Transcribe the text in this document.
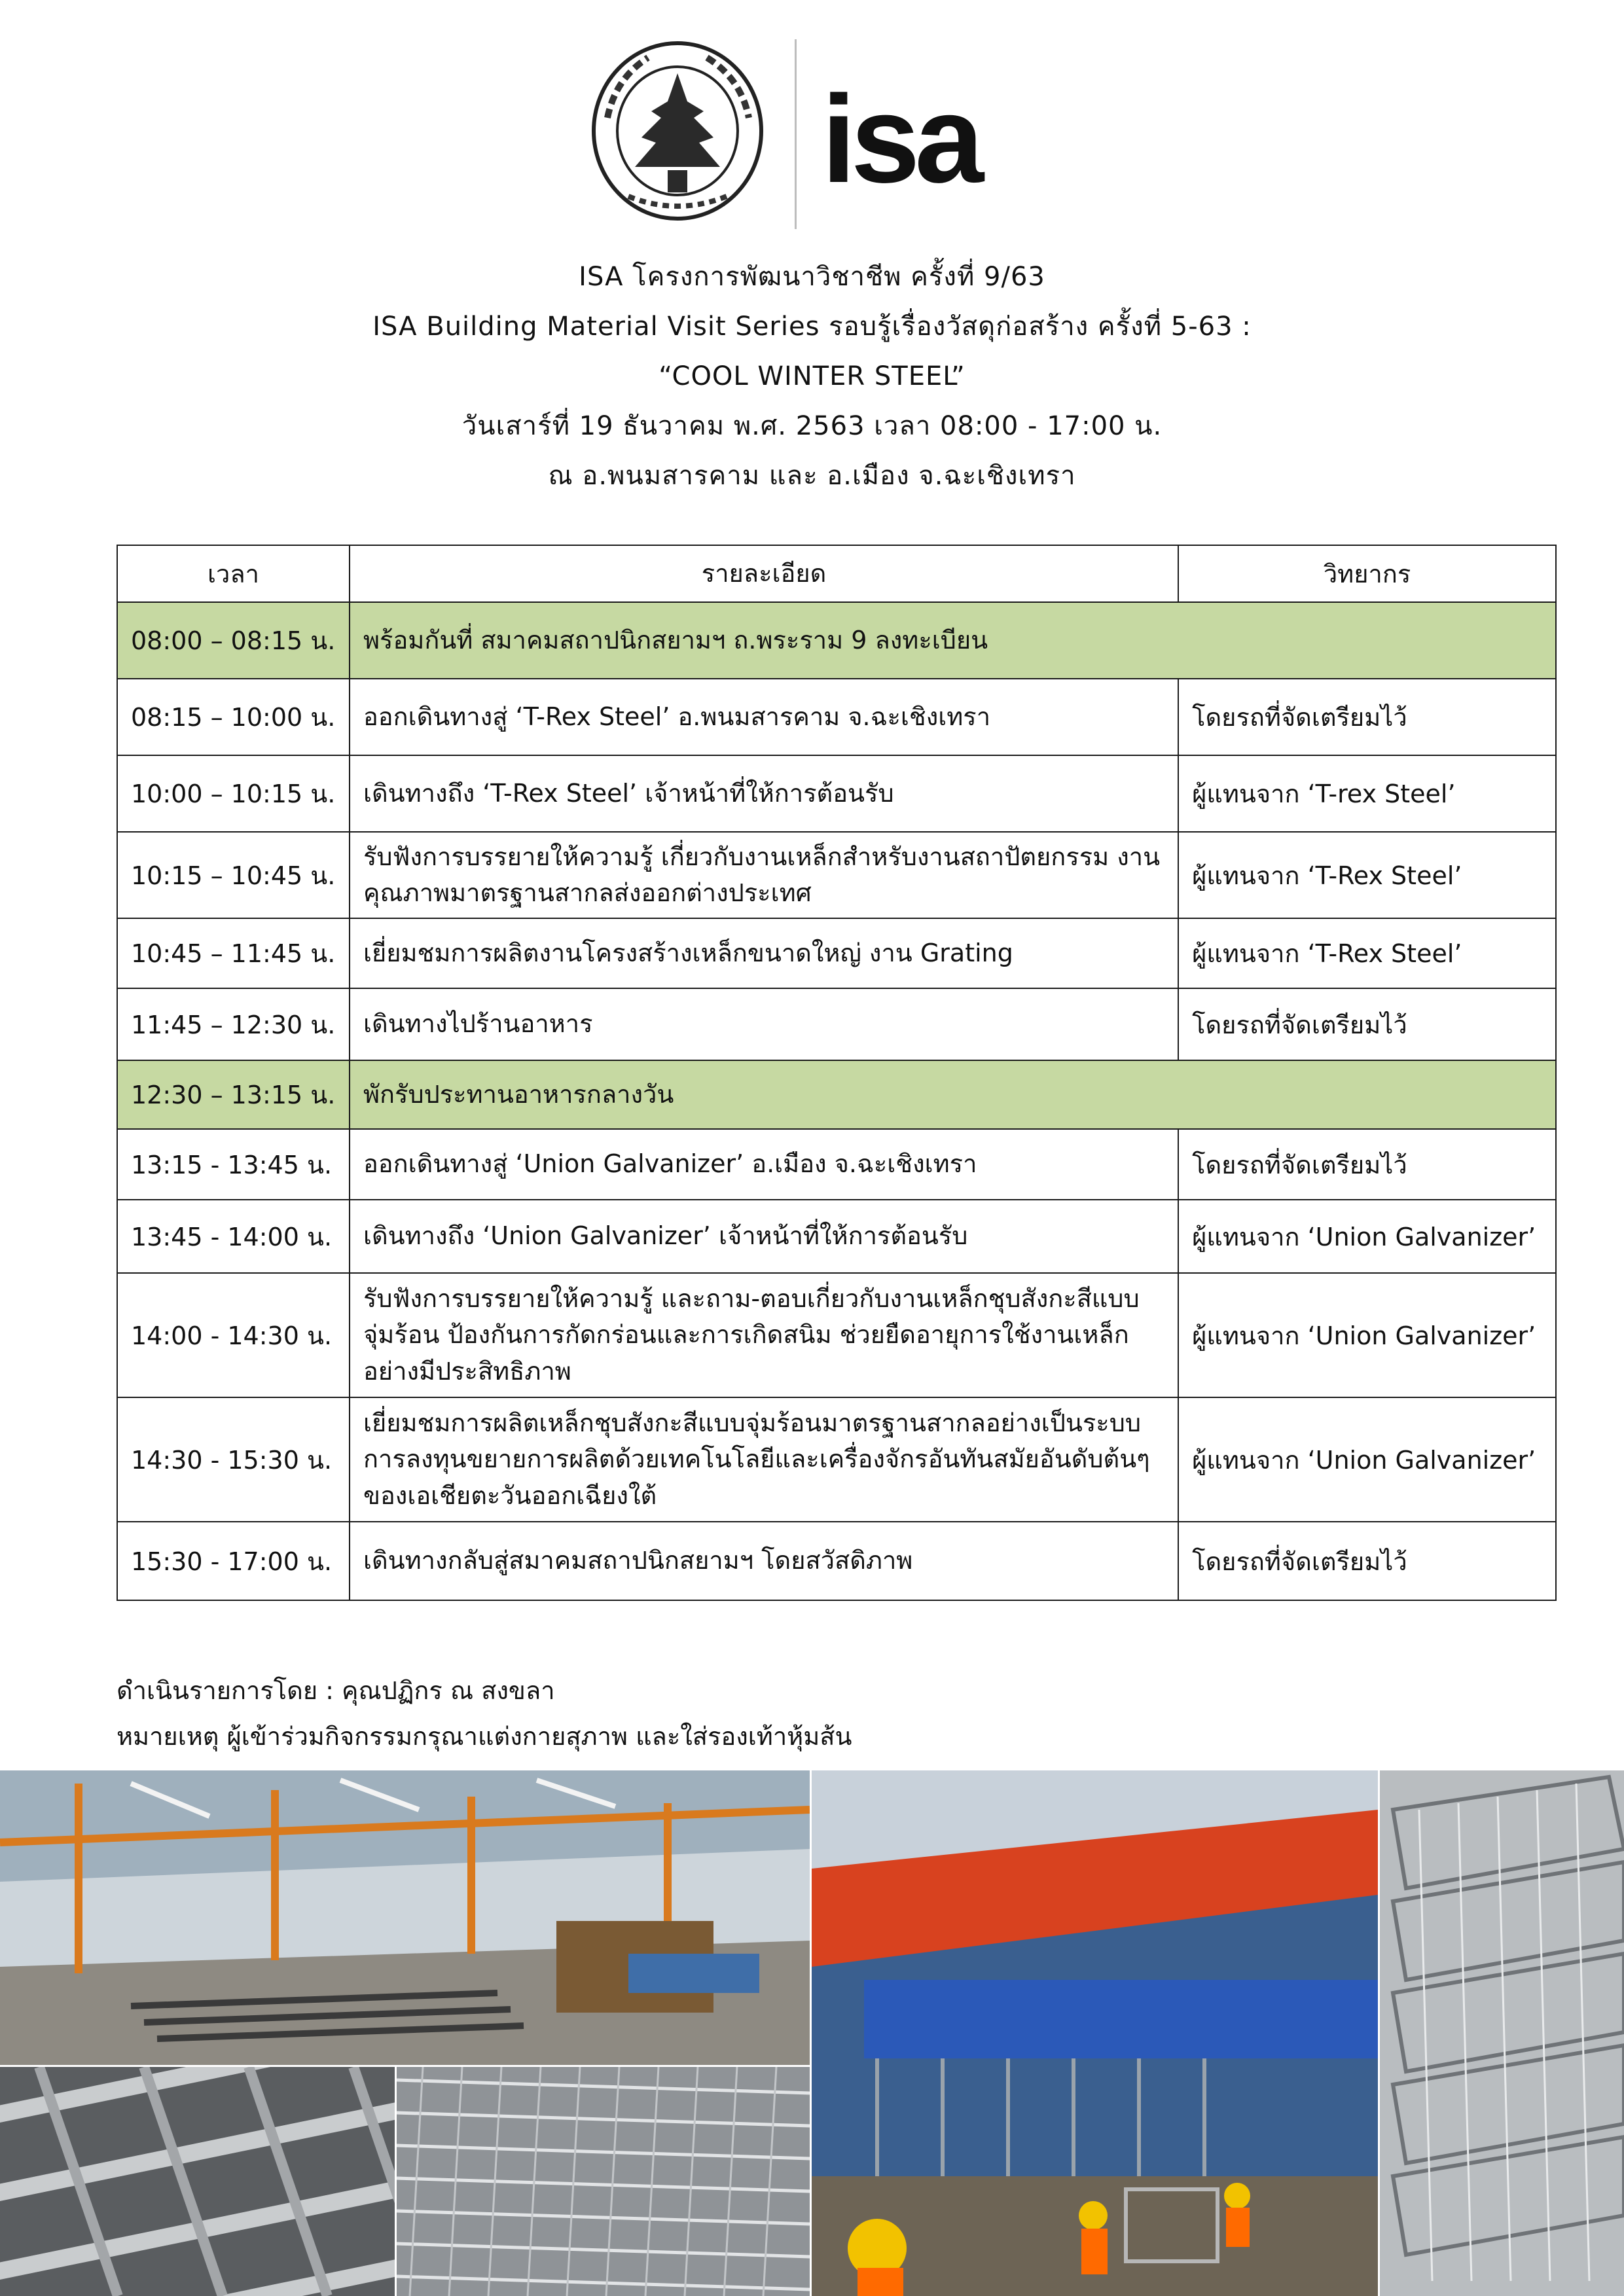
isa
ISA โครงการพัฒนาวิชาชีพ ครั้งที่ 9/63
ISA Building Material Visit Series รอบรู้เรื่องวัสดุก่อสร้าง ครั้งที่ 5-63 :
“COOL WINTER STEEL”
วันเสาร์ที่ 19 ธันวาคม พ.ศ. 2563 เวลา 08:00 - 17:00 น.
ณ อ.พนมสารคาม และ อ.เมือง จ.ฉะเชิงเทรา
เวลา	รายละเอียด	วิทยากร
08:00 – 08:15 น.	พร้อมกันที่ สมาคมสถาปนิกสยามฯ ถ.พระราม 9 ลงทะเบียน	
08:15 – 10:00 น.	ออกเดินทางสู่ ‘T-Rex Steel’ อ.พนมสารคาม จ.ฉะเชิงเทรา	โดยรถที่จัดเตรียมไว้
10:00 – 10:15 น.	เดินทางถึง ‘T-Rex Steel’ เจ้าหน้าที่ให้การต้อนรับ	ผู้แทนจาก ‘T-rex Steel’
10:15 – 10:45 น.	รับฟังการบรรยายให้ความรู้ เกี่ยวกับงานเหล็กสำหรับงานสถาปัตยกรรม งานคุณภาพมาตรฐานสากลส่งออกต่างประเทศ	ผู้แทนจาก ‘T-Rex Steel’
10:45 – 11:45 น.	เยี่ยมชมการผลิตงานโครงสร้างเหล็กขนาดใหญ่ งาน Grating	ผู้แทนจาก ‘T-Rex Steel’
11:45 – 12:30 น.	เดินทางไปร้านอาหาร	โดยรถที่จัดเตรียมไว้
12:30 – 13:15 น.	พักรับประทานอาหารกลางวัน	
13:15 - 13:45 น.	ออกเดินทางสู่ ‘Union Galvanizer’ อ.เมือง จ.ฉะเชิงเทรา	โดยรถที่จัดเตรียมไว้
13:45 - 14:00 น.	เดินทางถึง ‘Union Galvanizer’ เจ้าหน้าที่ให้การต้อนรับ	ผู้แทนจาก ‘Union Galvanizer’
14:00 - 14:30 น.	รับฟังการบรรยายให้ความรู้ และถาม-ตอบเกี่ยวกับงานเหล็กชุบสังกะสีแบบจุ่มร้อน ป้องกันการกัดกร่อนและการเกิดสนิม ช่วยยืดอายุการใช้งานเหล็กอย่างมีประสิทธิภาพ	ผู้แทนจาก ‘Union Galvanizer’
14:30 - 15:30 น.	เยี่ยมชมการผลิตเหล็กชุบสังกะสีแบบจุ่มร้อนมาตรฐานสากลอย่างเป็นระบบ การลงทุนขยายการผลิตด้วยเทคโนโลยีและเครื่องจักรอันทันสมัยอันดับต้นๆ ของเอเชียตะวันออกเฉียงใต้	ผู้แทนจาก ‘Union Galvanizer’
15:30 - 17:00 น.	เดินทางกลับสู่สมาคมสถาปนิกสยามฯ โดยสวัสดิภาพ	โดยรถที่จัดเตรียมไว้
ดำเนินรายการโดย : คุณปฏิกร ณ สงขลา
หมายเหตุ ผู้เข้าร่วมกิจกรรมกรุณาแต่งกายสุภาพ และใส่รองเท้าหุ้มส้น
